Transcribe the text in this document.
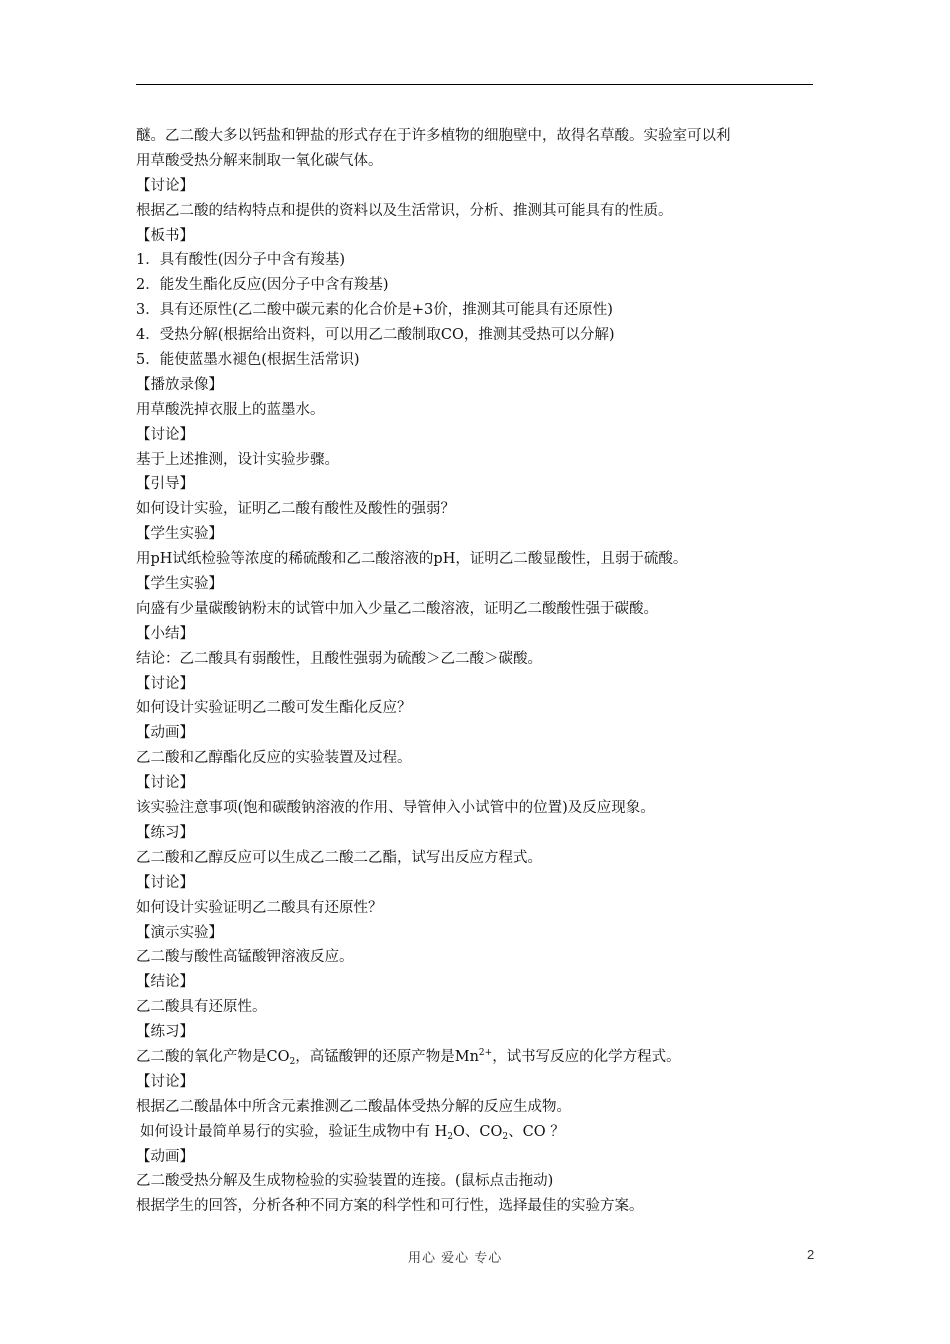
醚。乙二酸大多以钙盐和钾盐的形式存在于许多植物的细胞壁中，故得名草酸。实验室可以利
用草酸受热分解来制取一氧化碳气体。
【讨论】
根据乙二酸的结构特点和提供的资料以及生活常识，分析、推测其可能具有的性质。
【板书】
1．具有酸性(因分子中含有羧基)
2．能发生酯化反应(因分子中含有羧基)
3．具有还原性(乙二酸中碳元素的化合价是+3价，推测其可能具有还原性)
4．受热分解(根据给出资料，可以用乙二酸制取CO，推测其受热可以分解)
5．能使蓝墨水褪色(根据生活常识)
【播放录像】
用草酸洗掉衣服上的蓝墨水。
【讨论】
基于上述推测，设计实验步骤。
【引导】
如何设计实验，证明乙二酸有酸性及酸性的强弱？
【学生实验】
用pH试纸检验等浓度的稀硫酸和乙二酸溶液的pH，证明乙二酸显酸性，且弱于硫酸。
【学生实验】
向盛有少量碳酸钠粉末的试管中加入少量乙二酸溶液，证明乙二酸酸性强于碳酸。
【小结】
结论：乙二酸具有弱酸性，且酸性强弱为硫酸＞乙二酸＞碳酸。
【讨论】
如何设计实验证明乙二酸可发生酯化反应？
【动画】
乙二酸和乙醇酯化反应的实验装置及过程。
【讨论】
该实验注意事项(饱和碳酸钠溶液的作用、导管伸入小试管中的位置)及反应现象。
【练习】
乙二酸和乙醇反应可以生成乙二酸二乙酯，试写出反应方程式。
【讨论】
如何设计实验证明乙二酸具有还原性？
【演示实验】
乙二酸与酸性高锰酸钾溶液反应。
【结论】
乙二酸具有还原性。
【练习】
乙二酸的氧化产物是$CO_2$，高锰酸钾的还原产物是$Mn^{2+}$，试书写反应的化学方程式。
【讨论】
根据乙二酸晶体中所含元素推测乙二酸晶体受热分解的反应生成物。
如何设计最简单易行的实验，验证生成物中有 $H_2O$、$CO_2$、CO ？
【动画】
乙二酸受热分解及生成物检验的实验装置的连接。(鼠标点击拖动)
根据学生的回答，分析各种不同方案的科学性和可行性，选择最佳的实验方案。
用心 爱心 专心	2
